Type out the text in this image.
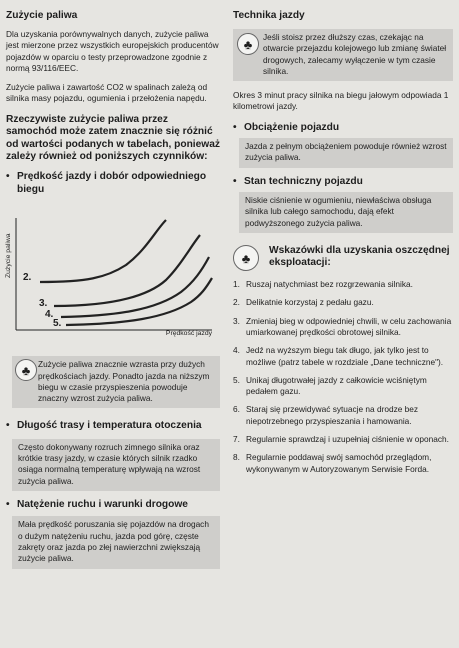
Zużycie paliwa
Dla uzyskania porównywalnych danych, zużycie paliwa jest mierzone przez wszystkich europejskich producentów pojazdów w oparciu o testy przeprowadzone zgodnie z normą 93/116/EEC.
Zużycie paliwa i zawartość CO2 w spalinach zależą od silnika masy pojazdu, ogumienia i przełożenia napędu.
Rzeczywiste zużycie paliwa przez samochód może zatem znacznie się różnić od wartości podanych w tabelach, ponieważ zależy również od poniższych czynników:
• Prędkość jazdy i dobór odpowiedniego biegu
Zużycie paliwa
Prędkość jazdy
2.
3.
4.
5.
♣ Zużycie paliwa znacznie wzrasta przy dużych prędkościach jazdy. Ponadto jazda na niższym biegu w czasie przyspieszenia powoduje znaczny wzrost zużycia paliwa.
• Długość trasy i temperatura otoczenia
Często dokonywany rozruch zimnego silnika oraz krótkie trasy jazdy, w czasie których silnik rzadko osiąga normalną temperaturę wpływają na wzrost zużycia paliwa.
• Natężenie ruchu i warunki drogowe
Mała prędkość poruszania się pojazdów na drogach o dużym natężeniu ruchu, jazda pod górę, częste zakręty oraz jazda po złej nawierzchni zwiększają zużycie paliwa.
Technika jazdy
♣	Jeśli stoisz przez dłuższy czas, czekając na otwarcie przejazdu kolejowego lub zmianę świateł drogowych, zalecamy wyłączenie w tym czasie silnika.
Okres 3 minut pracy silnika na biegu jałowym odpowiada 1 kilometrowi jazdy.
• Obciążenie pojazdu
Jazda z pełnym obciążeniem powoduje również wzrost zużycia paliwa.
• Stan techniczny pojazdu
Niskie ciśnienie w ogumieniu, niewłaściwa obsługa silnika lub całego samochodu, dają efekt podwyższonego zużycia paliwa.
♣	Wskazówki dla uzyskania oszczędnej eksploatacji:
1. Ruszaj natychmiast bez rozgrzewania silnika.
2. Delikatnie korzystaj z pedału gazu.
3. Zmieniaj bieg w odpowiedniej chwili, w celu zachowania umiarkowanej prędkości obrotowej silnika.
4. Jedź na wyższym biegu tak długo, jak tylko jest to możliwe (patrz tabele w rozdziale „Dane techniczne").
5. Unikaj długotrwałej jazdy z całkowicie wciśniętym pedałem gazu.
6. Staraj się przewidywać sytuacje na drodze bez niepotrzebnego przyspieszania i hamowania.
7. Regularnie sprawdzaj i uzupełniaj ciśnienie w oponach.
8. Regularnie poddawaj swój samochód przeglądom, wykonywanym w Autoryzowanym Serwisie Forda.
